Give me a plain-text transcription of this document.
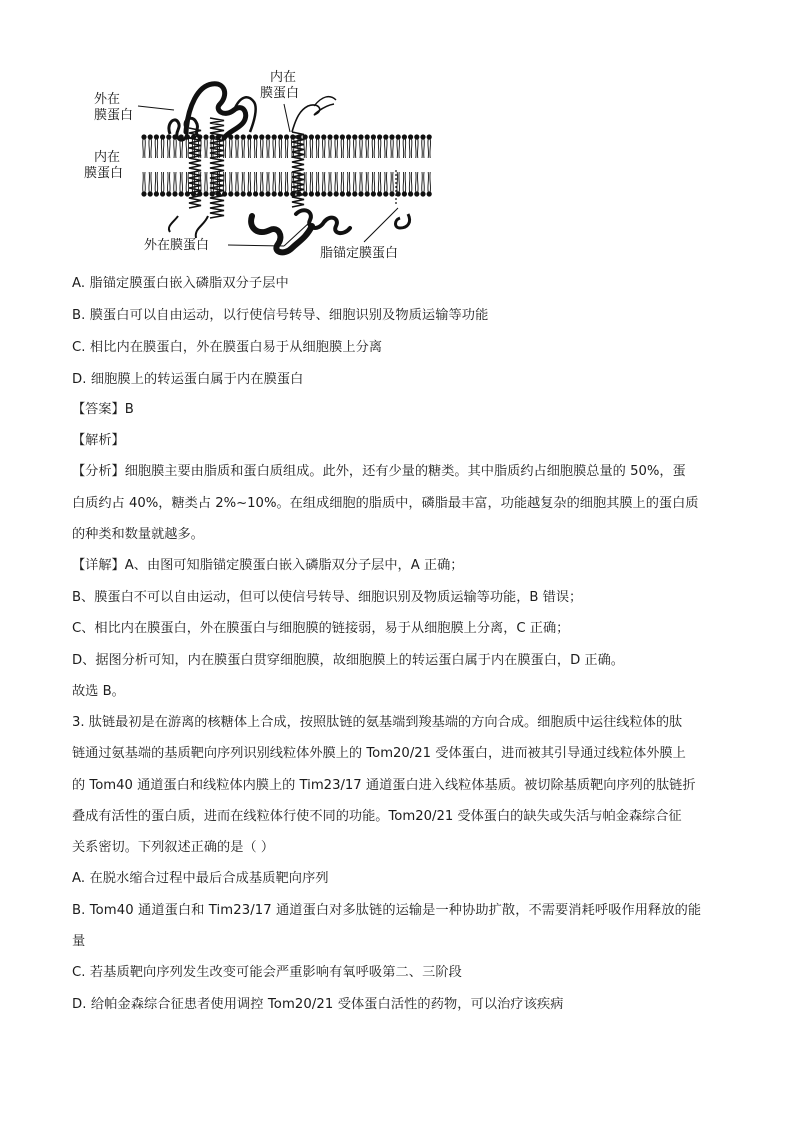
外在
膜蛋白
内在
膜蛋白
内在
膜蛋白
外在膜蛋白
脂锚定膜蛋白
A. 脂锚定膜蛋白嵌入磷脂双分子层中
B. 膜蛋白可以自由运动，以行使信号转导、细胞识别及物质运输等功能
C. 相比内在膜蛋白，外在膜蛋白易于从细胞膜上分离
D. 细胞膜上的转运蛋白属于内在膜蛋白
【答案】B
【解析】
【分析】细胞膜主要由脂质和蛋白质组成。此外，还有少量的糖类。其中脂质约占细胞膜总量的 50%，蛋
白质约占 40%，糖类占 2%~10%。在组成细胞的脂质中，磷脂最丰富，功能越复杂的细胞其膜上的蛋白质
的种类和数量就越多。
【详解】A、由图可知脂锚定膜蛋白嵌入磷脂双分子层中，A 正确；
B、膜蛋白不可以自由运动，但可以使信号转导、细胞识别及物质运输等功能，B 错误；
C、相比内在膜蛋白，外在膜蛋白与细胞膜的链接弱，易于从细胞膜上分离，C 正确；
D、据图分析可知，内在膜蛋白贯穿细胞膜，故细胞膜上的转运蛋白属于内在膜蛋白，D 正确。
故选 B。
3. 肽链最初是在游离的核糖体上合成，按照肽链的氨基端到羧基端的方向合成。细胞质中运往线粒体的肽
链通过氨基端的基质靶向序列识别线粒体外膜上的 Tom20/21 受体蛋白，进而被其引导通过线粒体外膜上
的 Tom40 通道蛋白和线粒体内膜上的 Tim23/17 通道蛋白进入线粒体基质。被切除基质靶向序列的肽链折
叠成有活性的蛋白质，进而在线粒体行使不同的功能。Tom20/21 受体蛋白的缺失或失活与帕金森综合征
关系密切。下列叙述正确的是（ ）
A. 在脱水缩合过程中最后合成基质靶向序列
B. Tom40 通道蛋白和 Tim23/17 通道蛋白对多肽链的运输是一种协助扩散，不需要消耗呼吸作用释放的能
量
C. 若基质靶向序列发生改变可能会严重影响有氧呼吸第二、三阶段
D. 给帕金森综合征患者使用调控 Tom20/21 受体蛋白活性的药物，可以治疗该疾病
